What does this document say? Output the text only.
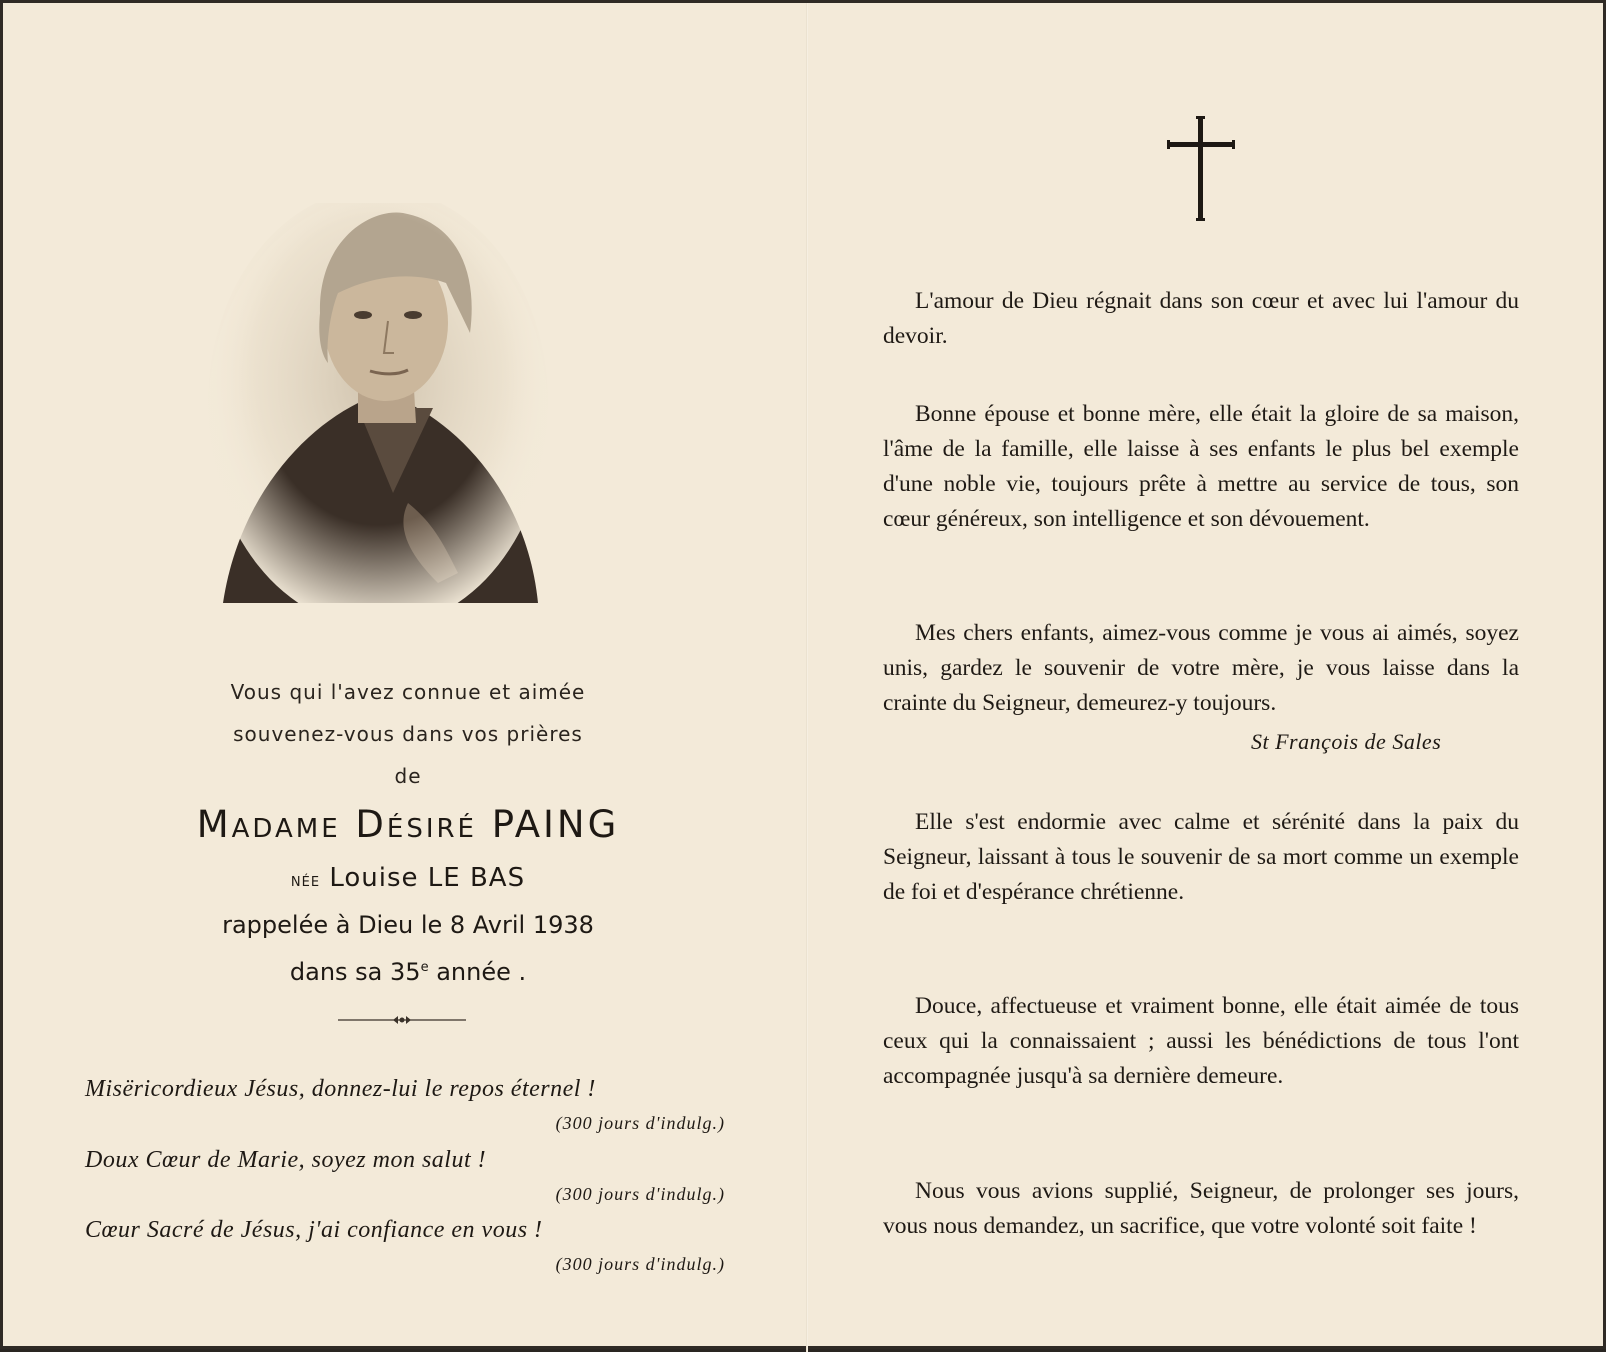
Vous qui l'avez connue et aimée
souvenez-vous dans vos prières
de
Madame Désiré PAING
née Louise LE BAS
rappelée à Dieu le 8 Avril 1938
dans sa 35e année .
Misëricordieux Jésus, donnez-lui le repos éternel !
(300 jours d'indulg.)
Doux Cœur de Marie, soyez mon salut !
(300 jours d'indulg.)
Cœur Sacré de Jésus, j'ai confiance en vous !
(300 jours d'indulg.)
L'amour de Dieu régnait dans son cœur et avec lui l'amour du devoir.
Bonne épouse et bonne mère, elle était la gloire de sa maison, l'âme de la famille, elle laisse à ses enfants le plus bel exemple d'une noble vie, toujours prête à mettre au service de tous, son cœur généreux, son intelligence et son dévouement.
Mes chers enfants, aimez-vous comme je vous ai aimés, soyez unis, gardez le souvenir de votre mère, je vous laisse dans la crainte du Seigneur, demeurez-y toujours.
St François de Sales
Elle s'est endormie avec calme et sérénité dans la paix du Seigneur, laissant à tous le souvenir de sa mort comme un exemple de foi et d'espérance chrétienne.
Douce, affectueuse et vraiment bonne, elle était aimée de tous ceux qui la connaissaient ; aussi les bénédictions de tous l'ont accompagnée jusqu'à sa dernière demeure.
Nous vous avions supplié, Seigneur, de prolonger ses jours, vous nous demandez, un sacrifice, que votre volonté soit faite !
